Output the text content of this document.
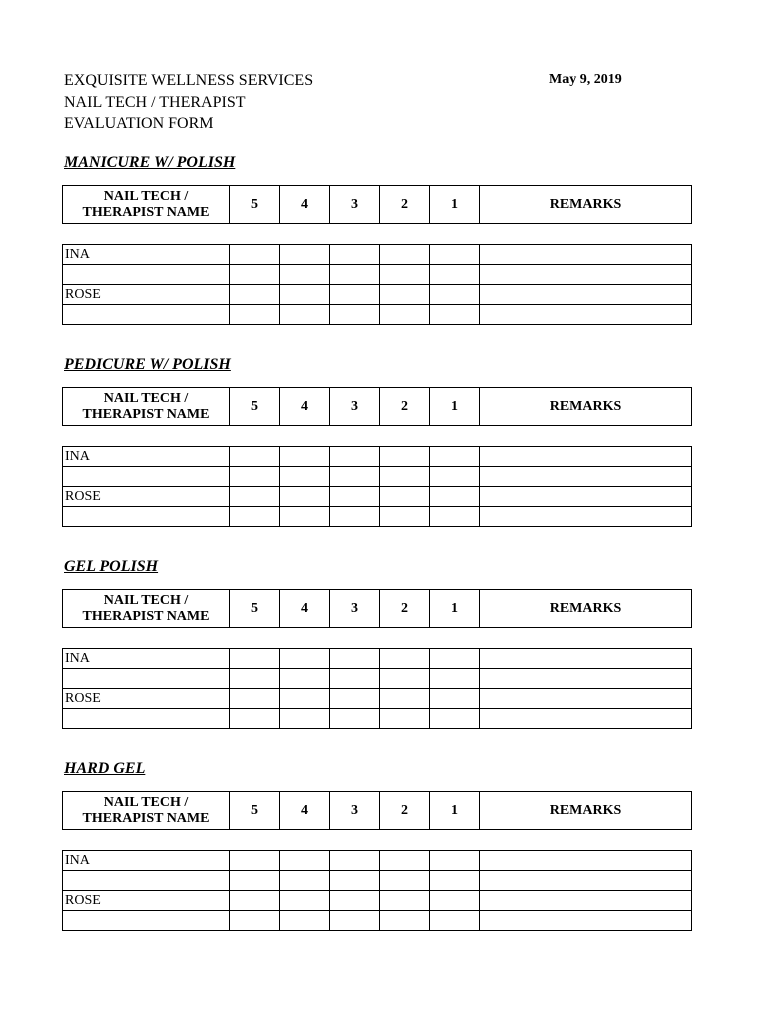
EXQUISITE WELLNESS SERVICES
NAIL TECH / THERAPIST
EVALUATION FORM
May 9, 2019
MANICURE W/ POLISH
NAIL TECH /
THERAPIST NAME	5	4	3	2	1	REMARKS
INA						

ROSE						

PEDICURE W/ POLISH
NAIL TECH /
THERAPIST NAME	5	4	3	2	1	REMARKS
INA						

ROSE						

GEL POLISH
NAIL TECH /
THERAPIST NAME	5	4	3	2	1	REMARKS
INA						

ROSE						

HARD GEL
NAIL TECH /
THERAPIST NAME	5	4	3	2	1	REMARKS
INA						

ROSE						
